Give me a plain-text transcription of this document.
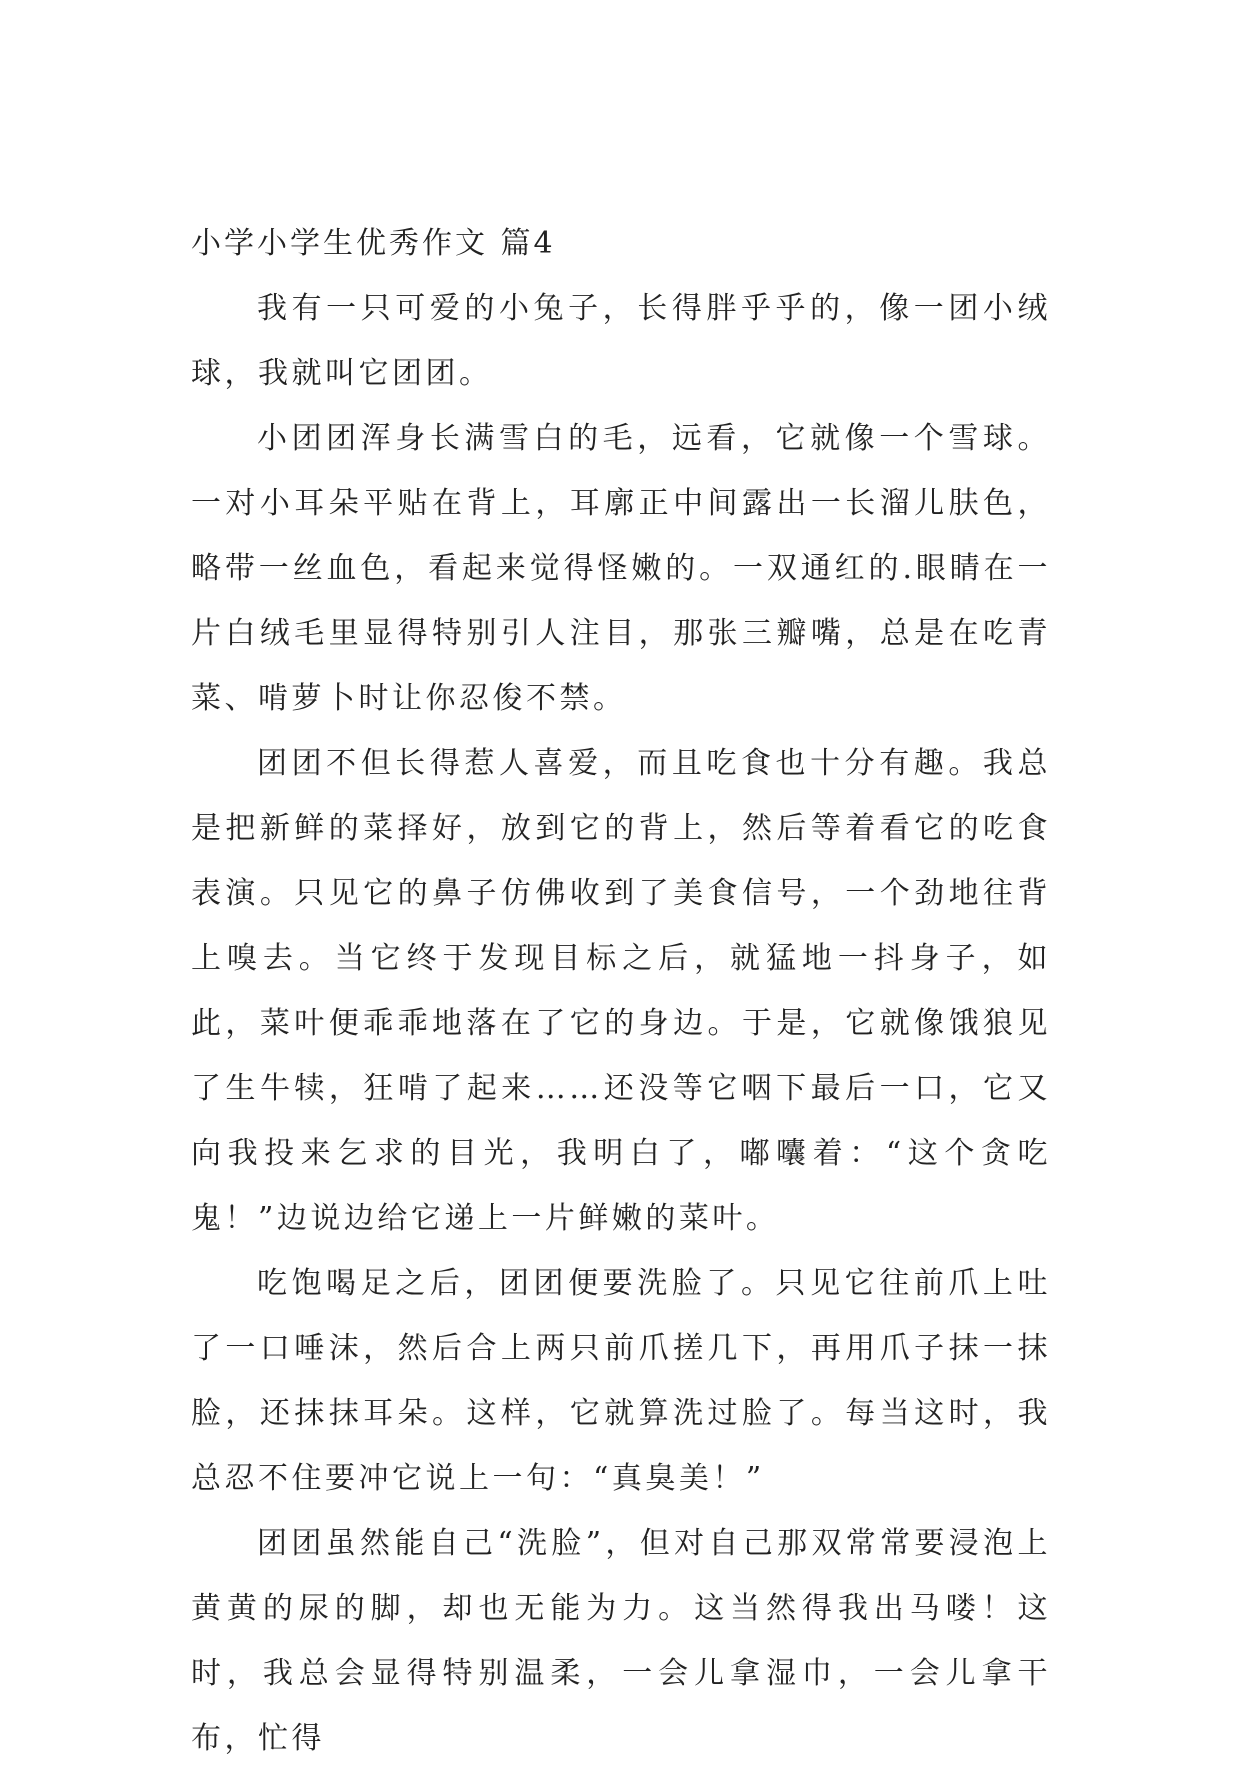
小学小学生优秀作文 篇4

我有一只可爱的小兔子，长得胖乎乎的，像一团小绒球，我就叫它团团。

小团团浑身长满雪白的毛，远看，它就像一个雪球。一对小耳朵平贴在背上，耳廓正中间露出一长溜儿肤色，略带一丝血色，看起来觉得怪嫩的。一双通红的.眼睛在一片白绒毛里显得特别引人注目，那张三瓣嘴，总是在吃青菜、啃萝卜时让你忍俊不禁。

团团不但长得惹人喜爱，而且吃食也十分有趣。我总是把新鲜的菜择好，放到它的背上，然后等着看它的吃食表演。只见它的鼻子仿佛收到了美食信号，一个劲地往背上嗅去。当它终于发现目标之后，就猛地一抖身子，如此，菜叶便乖乖地落在了它的身边。于是，它就像饿狼见了生牛犊，狂啃了起来……还没等它咽下最后一口，它又向我投来乞求的目光，我明白了，嘟囔着：“这个贪吃鬼！”边说边给它递上一片鲜嫩的菜叶。

吃饱喝足之后，团团便要洗脸了。只见它往前爪上吐了一口唾沫，然后合上两只前爪搓几下，再用爪子抹一抹脸，还抹抹耳朵。这样，它就算洗过脸了。每当这时，我总忍不住要冲它说上一句：“真臭美！”

团团虽然能自己“洗脸”，但对自己那双常常要浸泡上黄黄的尿的脚，却也无能为力。这当然得我出马喽！这时，我总会显得特别温柔，一会儿拿湿巾，一会儿拿干布，忙得
